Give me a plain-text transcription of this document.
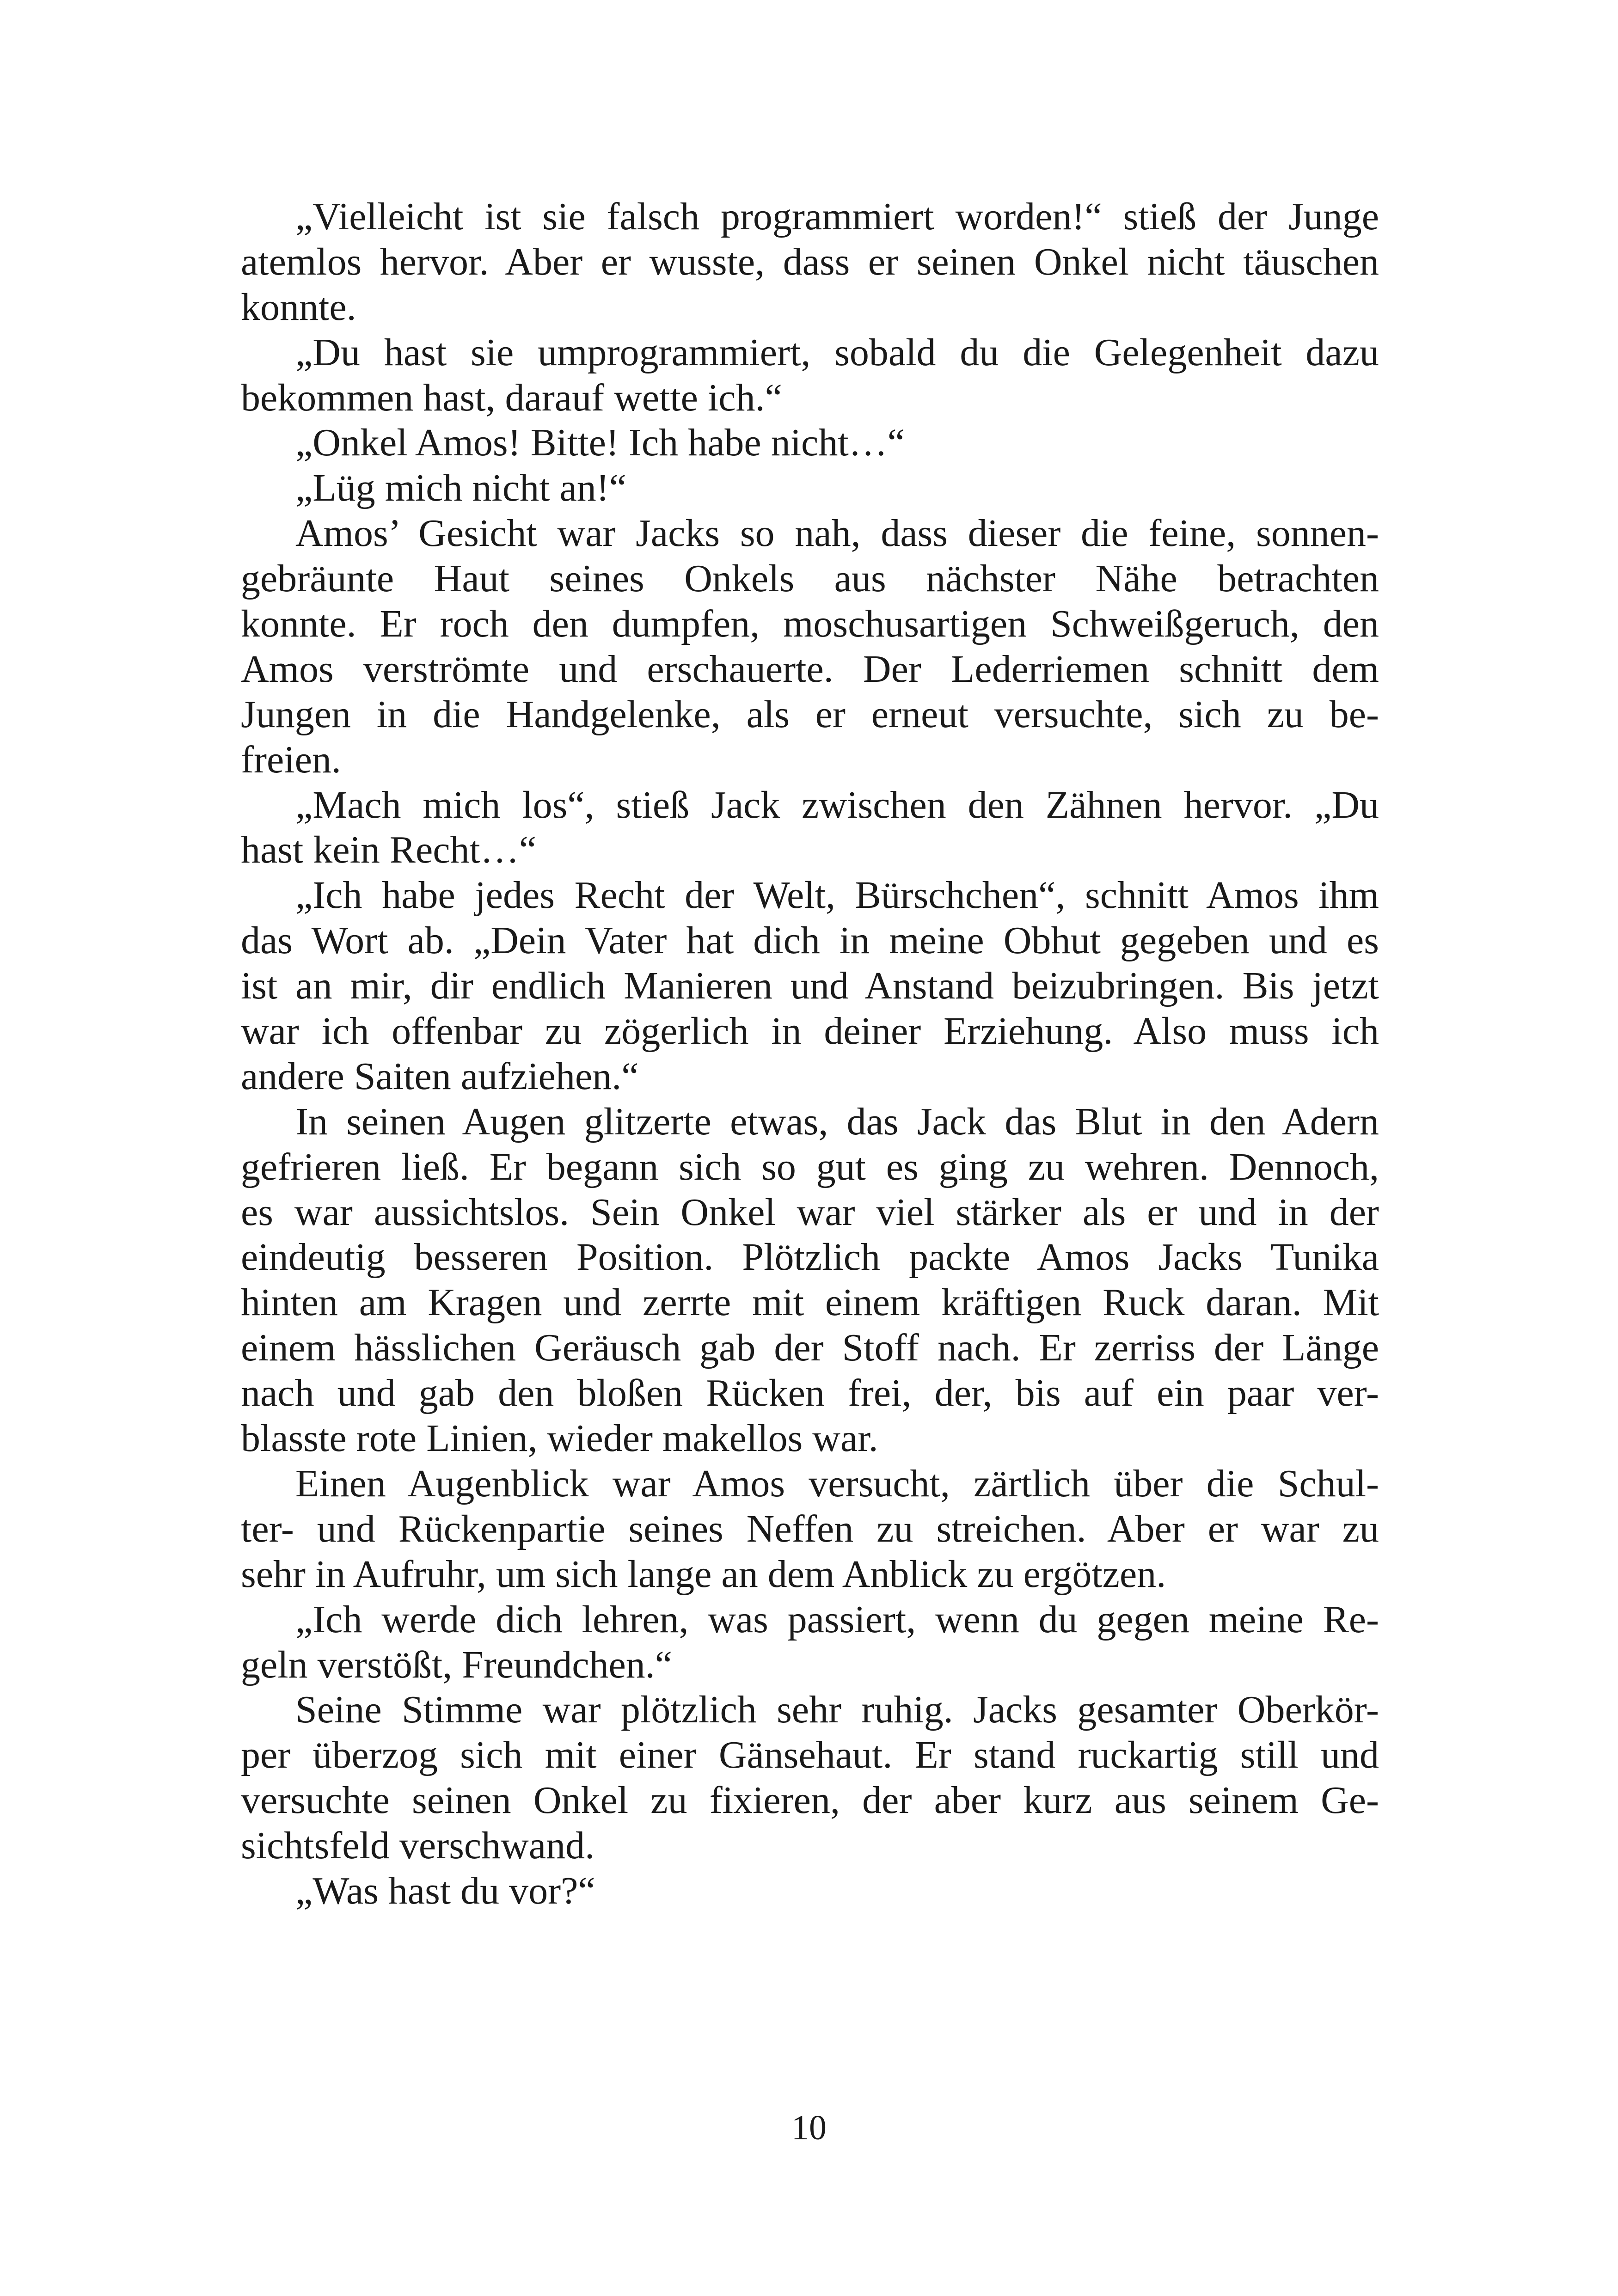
„Vielleicht ist sie falsch programmiert worden!“ stieß der Junge
atemlos hervor. Aber er wusste, dass er seinen Onkel nicht täuschen
konnte.
„Du hast sie umprogrammiert, sobald du die Gelegenheit dazu
bekommen hast, darauf wette ich.“
„Onkel Amos! Bitte! Ich habe nicht…“
„Lüg mich nicht an!“
Amos’ Gesicht war Jacks so nah, dass dieser die feine, sonnen-
gebräunte Haut seines Onkels aus nächster Nähe betrachten
konnte. Er roch den dumpfen, moschusartigen Schweißgeruch, den
Amos verströmte und erschauerte. Der Lederriemen schnitt dem
Jungen in die Handgelenke, als er erneut versuchte, sich zu be-
freien.
„Mach mich los“, stieß Jack zwischen den Zähnen hervor. „Du
hast kein Recht…“
„Ich habe jedes Recht der Welt, Bürschchen“, schnitt Amos ihm
das Wort ab. „Dein Vater hat dich in meine Obhut gegeben und es
ist an mir, dir endlich Manieren und Anstand beizubringen. Bis jetzt
war ich offenbar zu zögerlich in deiner Erziehung. Also muss ich
andere Saiten aufziehen.“
In seinen Augen glitzerte etwas, das Jack das Blut in den Adern
gefrieren ließ. Er begann sich so gut es ging zu wehren. Dennoch,
es war aussichtslos. Sein Onkel war viel stärker als er und in der
eindeutig besseren Position. Plötzlich packte Amos Jacks Tunika
hinten am Kragen und zerrte mit einem kräftigen Ruck daran. Mit
einem hässlichen Geräusch gab der Stoff nach. Er zerriss der Länge
nach und gab den bloßen Rücken frei, der, bis auf ein paar ver-
blasste rote Linien, wieder makellos war.
Einen Augenblick war Amos versucht, zärtlich über die Schul-
ter- und Rückenpartie seines Neffen zu streichen. Aber er war zu
sehr in Aufruhr, um sich lange an dem Anblick zu ergötzen.
„Ich werde dich lehren, was passiert, wenn du gegen meine Re-
geln verstößt, Freundchen.“
Seine Stimme war plötzlich sehr ruhig. Jacks gesamter Oberkör-
per überzog sich mit einer Gänsehaut. Er stand ruckartig still und
versuchte seinen Onkel zu fixieren, der aber kurz aus seinem Ge-
sichtsfeld verschwand.
„Was hast du vor?“
10
